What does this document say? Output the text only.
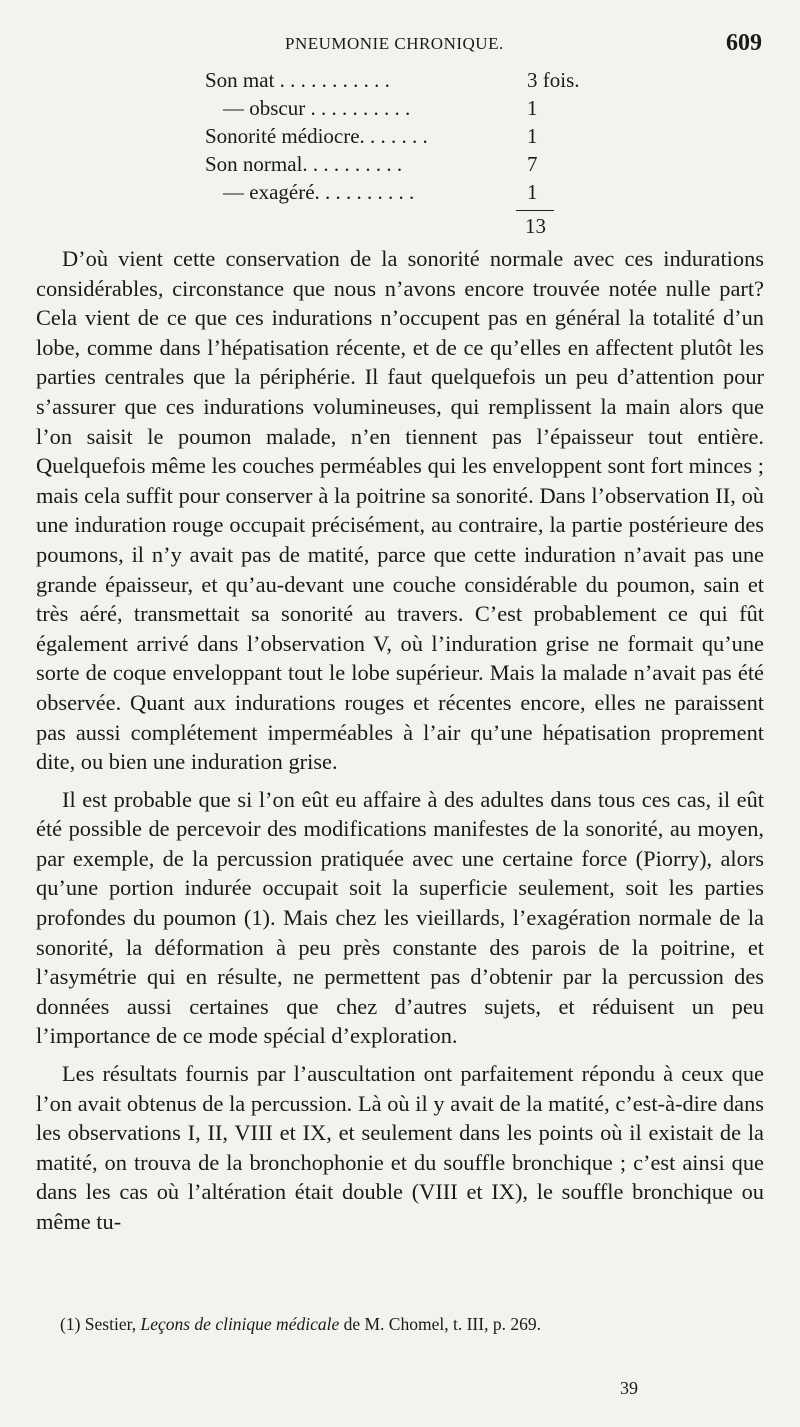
PNEUMONIE CHRONIQUE.	609
Son mat . . . . . . . . . . .	3 fois.
— obscur . . . . . . . . . .	1
Sonorité médiocre. . . . . . .	1
Son normal. . . . . . . . . .	7
— exagéré. . . . . . . . . .	1
13

D’où vient cette conservation de la sonorité normale avec ces indurations considérables, circonstance que nous n’avons encore trouvée notée nulle part? Cela vient de ce que ces indurations n’occupent pas en général la totalité d’un lobe, comme dans l’hépatisation récente, et de ce qu’elles en affectent plutôt les parties centrales que la périphérie. Il faut quelquefois un peu d’attention pour s’assurer que ces indurations volumineuses, qui remplissent la main alors que l’on saisit le poumon malade, n’en tiennent pas l’épaisseur tout entière. Quelquefois même les couches perméables qui les enveloppent sont fort minces ; mais cela suffit pour conserver à la poitrine sa sonorité. Dans l’observation II, où une induration rouge occupait précisément, au contraire, la partie postérieure des poumons, il n’y avait pas de matité, parce que cette induration n’avait pas une grande épaisseur, et qu’au-devant une couche considérable du poumon, sain et très aéré, transmettait sa sonorité au travers. C’est probablement ce qui fût également arrivé dans l’observation V, où l’induration grise ne formait qu’une sorte de coque enveloppant tout le lobe supérieur. Mais la malade n’avait pas été observée. Quant aux indurations rouges et récentes encore, elles ne paraissent pas aussi complétement imperméables à l’air qu’une hépatisation proprement dite, ou bien une induration grise.

Il est probable que si l’on eût eu affaire à des adultes dans tous ces cas, il eût été possible de percevoir des modifications manifestes de la sonorité, au moyen, par exemple, de la percussion pratiquée avec une certaine force (Piorry), alors qu’une portion indurée occupait soit la superficie seulement, soit les parties profondes du poumon (1). Mais chez les vieillards, l’exagération normale de la sonorité, la déformation à peu près constante des parois de la poitrine, et l’asymétrie qui en résulte, ne permettent pas d’obtenir par la percussion des données aussi certaines que chez d’autres sujets, et réduisent un peu l’importance de ce mode spécial d’exploration.

Les résultats fournis par l’auscultation ont parfaitement répondu à ceux que l’on avait obtenus de la percussion. Là où il y avait de la matité, c’est-à-dire dans les observations I, II, VIII et IX, et seulement dans les points où il existait de la matité, on trouva de la bronchophonie et du souffle bronchique ; c’est ainsi que dans les cas où l’altération était double (VIII et IX), le souffle bronchique ou même tu-

(1) Sestier, Leçons de clinique médicale de M. Chomel, t. III, p. 269.
39
